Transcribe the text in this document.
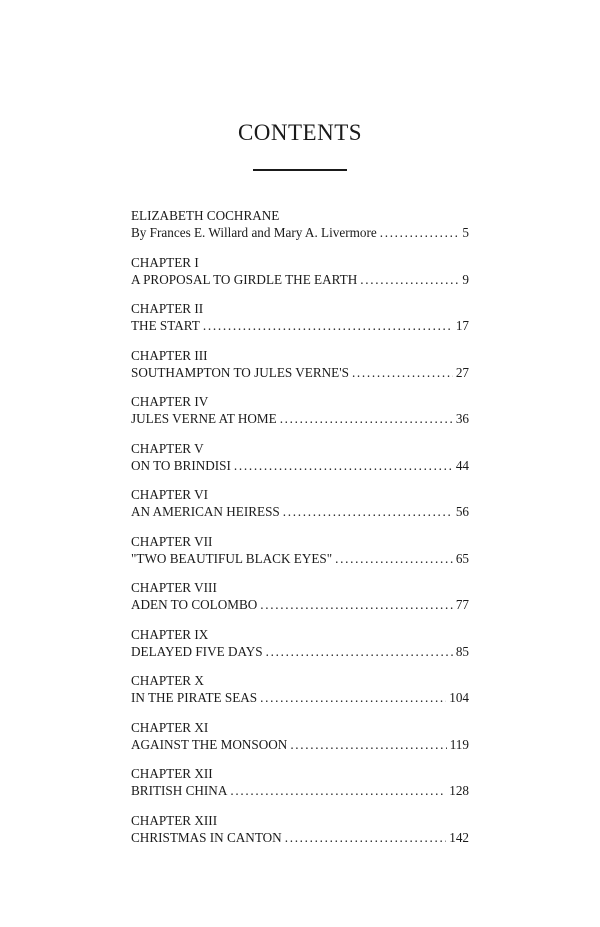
CONTENTS
ELIZABETH COCHRANE
By Frances E. Willard and Mary A. Livermore . . .	5
CHAPTER I
A PROPOSAL TO GIRDLE THE EARTH . . .	9
CHAPTER II
THE START . . .	17
CHAPTER III
SOUTHAMPTON TO JULES VERNE'S . . .	27
CHAPTER IV
JULES VERNE AT HOME . . .	36
CHAPTER V
ON TO BRINDISI . . .	44
CHAPTER VI
AN AMERICAN HEIRESS . . .	56
CHAPTER VII
"TWO BEAUTIFUL BLACK EYES" . . .	65
CHAPTER VIII
ADEN TO COLOMBO . . .	77
CHAPTER IX
DELAYED FIVE DAYS . . .	85
CHAPTER X
IN THE PIRATE SEAS . . .	104
CHAPTER XI
AGAINST THE MONSOON . . .	119
CHAPTER XII
BRITISH CHINA . . .	128
CHAPTER XIII
CHRISTMAS IN CANTON . . .	142
